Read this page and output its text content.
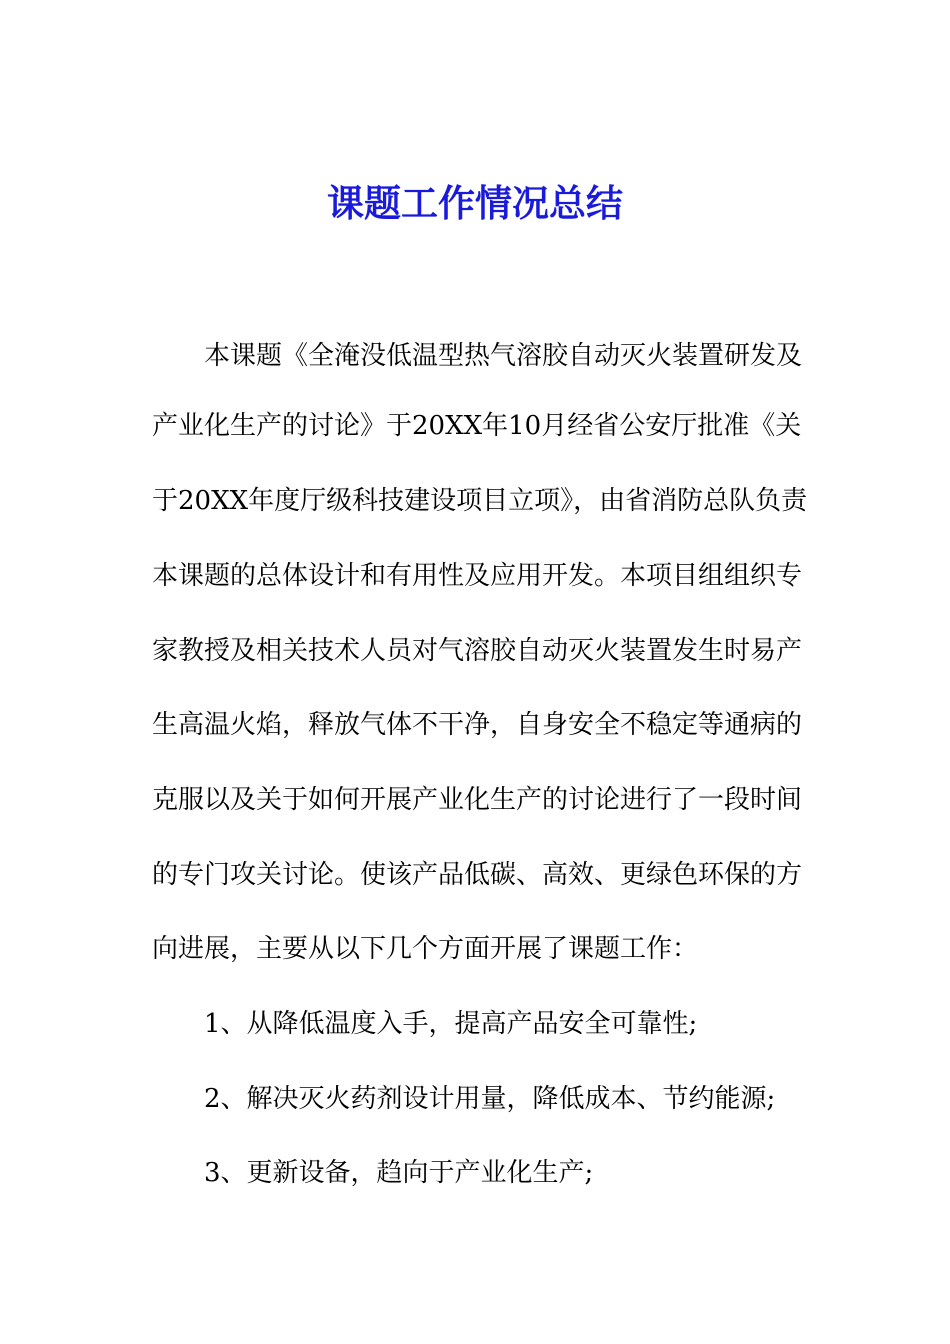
课题工作情况总结
　　本课题《全淹没低温型热气溶胶自动灭火装置研发及
产业化生产的讨论》于20XX年10月经省公安厅批准《关
于20XX年度厅级科技建设项目立项》，由省消防总队负责
本课题的总体设计和有用性及应用开发。本项目组组织专
家教授及相关技术人员对气溶胶自动灭火装置发生时易产
生高温火焰，释放气体不干净，自身安全不稳定等通病的
克服以及关于如何开展产业化生产的讨论进行了一段时间
的专门攻关讨论。使该产品低碳、高效、更绿色环保的方
向进展，主要从以下几个方面开展了课题工作：
　　1、从降低温度入手，提高产品安全可靠性;
　　2、解决灭火药剂设计用量，降低成本、节约能源;
　　3、更新设备，趋向于产业化生产;
